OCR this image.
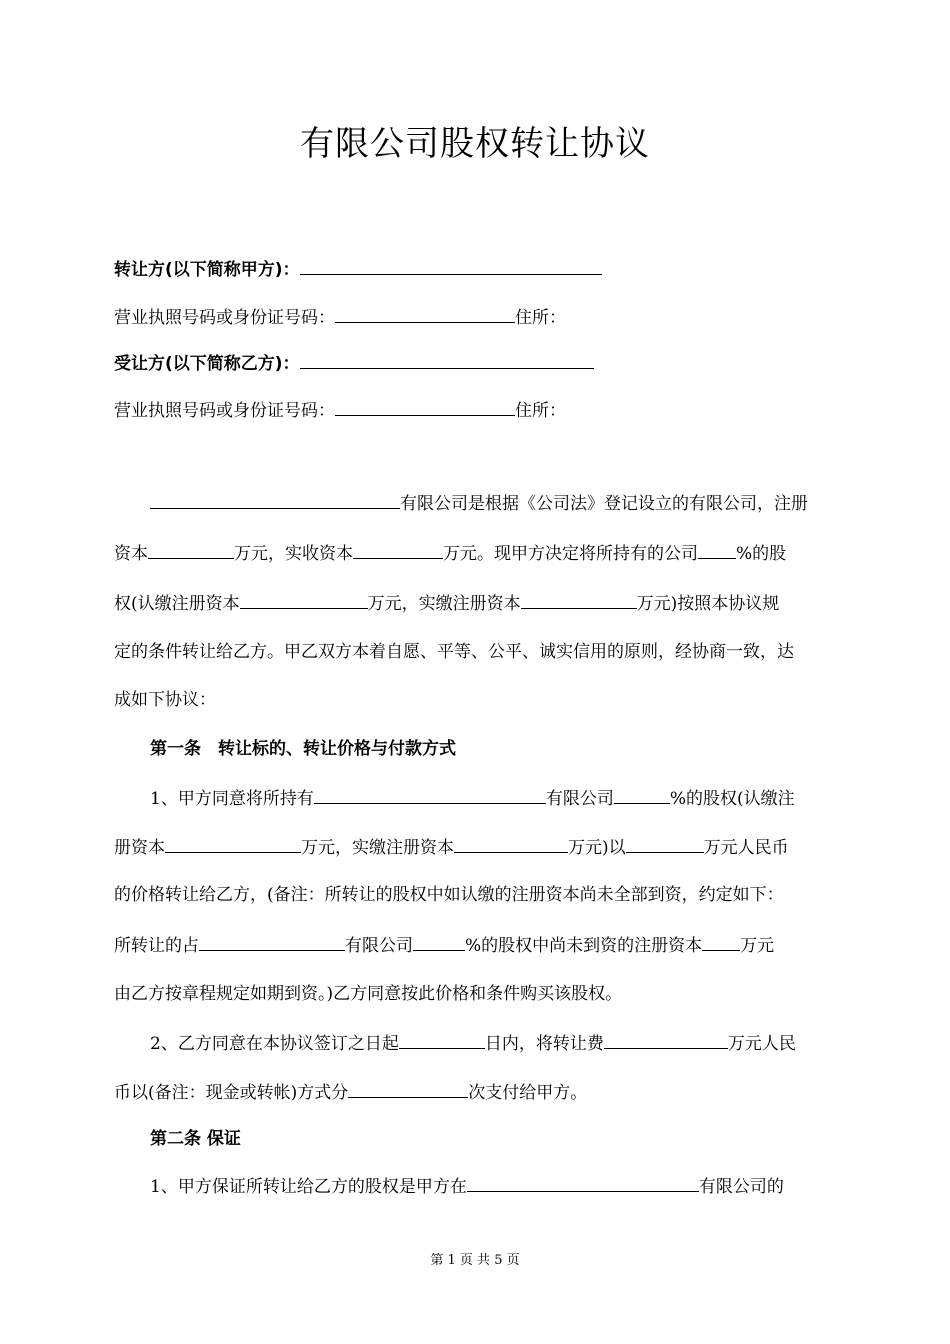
有限公司股权转让协议
转让方(以下简称甲方)：
营业执照号码或身份证号码：	住所：
受让方(以下简称乙方)：
营业执照号码或身份证号码：	住所：
有限公司是根据《公司法》登记设立的有限公司，注册
资本	万元，实收资本	万元。现甲方决定将所持有的公司 %的股
权(认缴注册资本	万元，实缴注册资本	万元)按照本协议规
定的条件转让给乙方。甲乙双方本着自愿、平等、公平、诚实信用的原则，经协商一致，达
成如下协议：
第一条　转让标的、转让价格与付款方式
1、甲方同意将所持有	有限公司	%的股权(认缴注
册资本	万元，实缴注册资本	万元)以	万元人民币
的价格转让给乙方，(备注：所转让的股权中如认缴的注册资本尚未全部到资，约定如下：
所转让的占	有限公司	%的股权中尚未到资的注册资本 万元
由乙方按章程规定如期到资。)乙方同意按此价格和条件购买该股权。
2、乙方同意在本协议签订之日起	日内，将转让费	万元人民
币以(备注：现金或转帐)方式分	次支付给甲方。
第二条 保证
1、甲方保证所转让给乙方的股权是甲方在	有限公司的
第 1 页 共 5 页
